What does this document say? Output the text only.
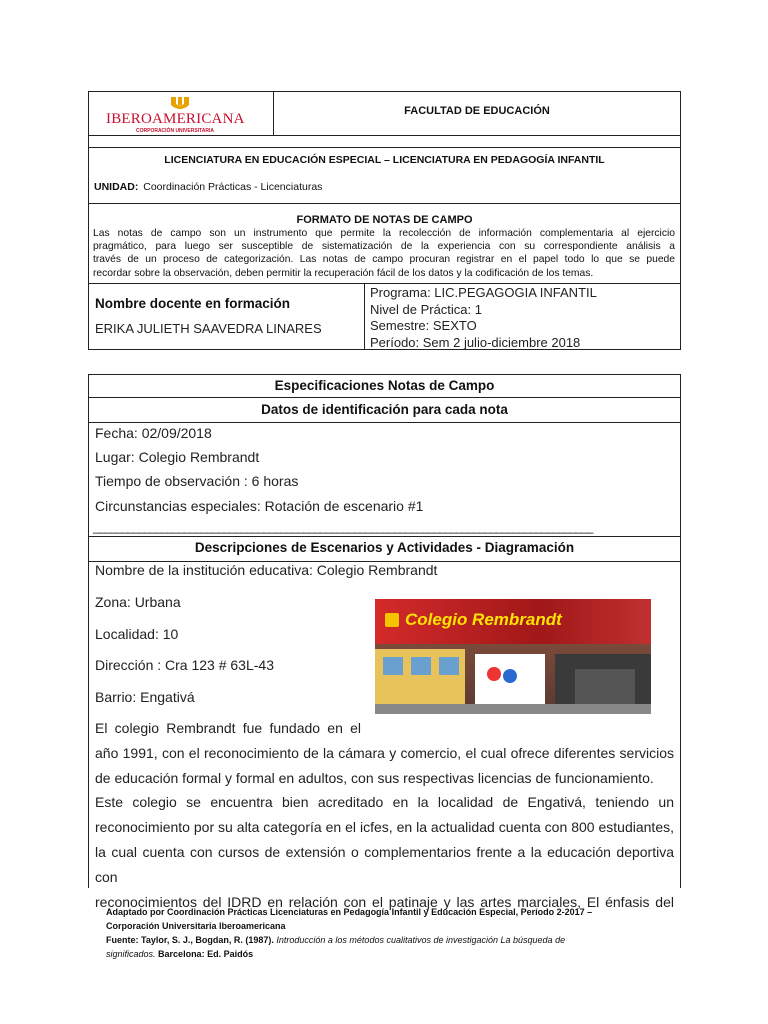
IBEROAMERICANA
CORPORACIÓN UNIVERSITARIA
FACULTAD DE EDUCACIÓN
LICENCIATURA EN EDUCACIÓN ESPECIAL – LICENCIATURA EN PEDAGOGÍA INFANTIL
UNIDAD: Coordinación Prácticas - Licenciaturas
FORMATO DE NOTAS DE CAMPO
Las notas de campo son un instrumento que permite la recolección de información complementaria al ejercicio
pragmático, para luego ser susceptible de sistematización de la experiencia con su correspondiente análisis a
través de un proceso de categorización. Las notas de campo procuran registrar en el papel todo lo que se puede
recordar sobre la observación, deben permitir la recuperación fácil de los datos y la codificación de los temas.
Nombre docente en formación
ERIKA JULIETH SAAVEDRA LINARES
Programa: LIC.PEGAGOGIA INFANTIL
Nivel de Práctica: 1
Semestre: SEXTO
Período: Sem 2 julio-diciembre 2018
Especificaciones Notas de Campo
Datos de identificación para cada nota
Fecha: 02/09/2018
Lugar: Colegio Rembrandt
Tiempo de observación : 6 horas
Circunstancias especiales: Rotación de escenario #1
________________________________________________________________________________________
Descripciones de Escenarios y Actividades - Diagramación
Nombre de la institución educativa: Colegio Rembrandt
Zona: Urbana
Localidad: 10
Dirección : Cra 123 # 63L-43
Barrio: Engativá
Colegio Rembrandt
El colegio Rembrandt fue fundado en el
año 1991, con el reconocimiento de la cámara y comercio, el cual ofrece diferentes servicios
de educación formal y formal en adultos, con sus respectivas licencias de funcionamiento.
Este colegio se encuentra bien acreditado en la localidad de Engativá, teniendo un
reconocimiento por su alta categoría en el icfes, en la actualidad cuenta con 800 estudiantes,
la cual cuenta con cursos de extensión o complementarios frente a la educación deportiva con
reconocimientos del IDRD en relación con el patinaje y las artes marciales, El énfasis del
Adaptado por Coordinación Prácticas Licenciaturas en Pedagogía Infantil y Educación Especial, Período 2-2017 –
Corporación Universitaria Iberoamericana
Fuente: Taylor, S. J., Bogdan, R. (1987). Introducción a los métodos cualitativos de investigación La búsqueda de
significados. Barcelona: Ed. Paidós
